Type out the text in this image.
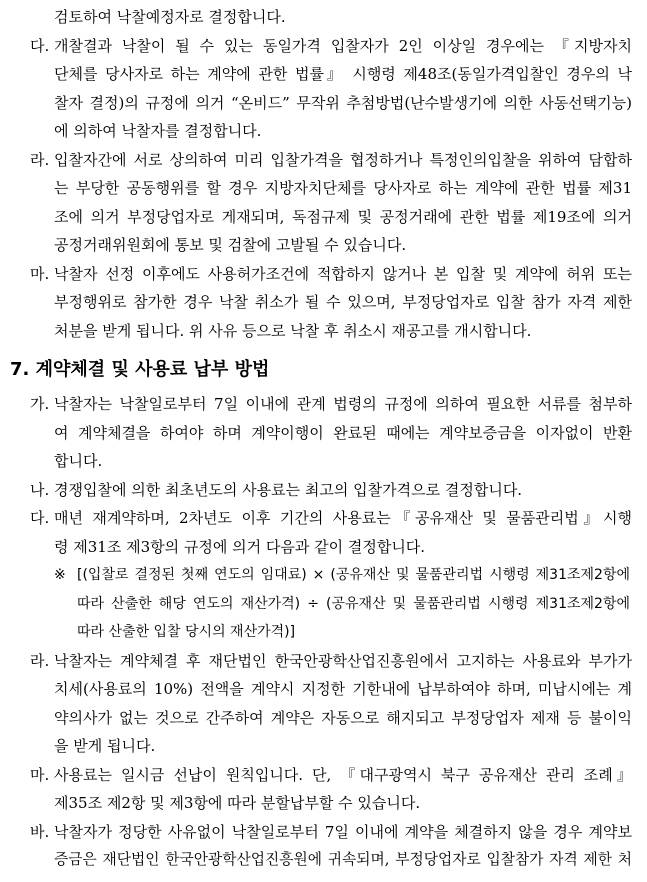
검토하여 낙찰예정자로 결정합니다.
다. 개찰결과 낙찰이 될 수 있는 동일가격 입찰자가 2인 이상일 경우에는 『지방자치
단체를 당사자로 하는 계약에 관한 법률』 시행령 제48조(동일가격입찰인 경우의 낙
찰자 결정)의 규정에 의거 “온비드” 무작위 추첨방법(난수발생기에 의한 사동선택기능)
에 의하여 낙찰자를 결정합니다.
라. 입찰자간에 서로 상의하여 미리 입찰가격을 협정하거나 특정인의입찰을 위하여 담합하
는 부당한 공동행위를 할 경우 지방자치단체를 당사자로 하는 계약에 관한 법률 제31
조에 의거 부정당업자로 게재되며, 독점규제 및 공정거래에 관한 법률 제19조에 의거
공정거래위원회에 통보 및 검찰에 고발될 수 있습니다.
마. 낙찰자 선정 이후에도 사용허가조건에 적합하지 않거나 본 입찰 및 계약에 허위 또는
부정행위로 참가한 경우 낙찰 취소가 될 수 있으며, 부정당업자로 입찰 참가 자격 제한
처분을 받게 됩니다. 위 사유 등으로 낙찰 후 취소시 재공고를 개시합니다.
7. 계약체결 및 사용료 납부 방법
가. 낙찰자는 낙찰일로부터 7일 이내에 관계 법령의 규정에 의하여 필요한 서류를 첨부하
여 계약체결을 하여야 하며 계약이행이 완료된 때에는 계약보증금을 이자없이 반환
합니다.
나. 경쟁입찰에 의한 최초년도의 사용료는 최고의 입찰가격으로 결정합니다.
다. 매년 재계약하며, 2차년도 이후 기간의 사용료는『공유재산 및 물품관리법』시행
령 제31조 제3항의 규정에 의거 다음과 같이 결정합니다.
※ [(입찰로 결정된 첫째 연도의 임대료) × (공유재산 및 물품관리법 시행령 제31조제2항에
따라 산출한 해당 연도의 재산가격) ÷ (공유재산 및 물품관리법 시행령 제31조제2항에
따라 산출한 입찰 당시의 재산가격)]
라. 낙찰자는 계약체결 후 재단법인 한국안광학산업진흥원에서 고지하는 사용료와 부가가
치세(사용료의 10%) 전액을 계약시 지정한 기한내에 납부하여야 하며, 미납시에는 계
약의사가 없는 것으로 간주하여 계약은 자동으로 해지되고 부정당업자 제재 등 불이익
을 받게 됩니다.
마. 사용료는 일시금 선납이 원칙입니다. 단, 『대구광역시 북구 공유재산 관리 조례』
제35조 제2항 및 제3항에 따라 분할납부할 수 있습니다.
바. 낙찰자가 정당한 사유없이 낙찰일로부터 7일 이내에 계약을 체결하지 않을 경우 계약보
증금은 재단법인 한국안광학산업진흥원에 귀속되며, 부정당업자로 입찰참가 자격 제한 처
